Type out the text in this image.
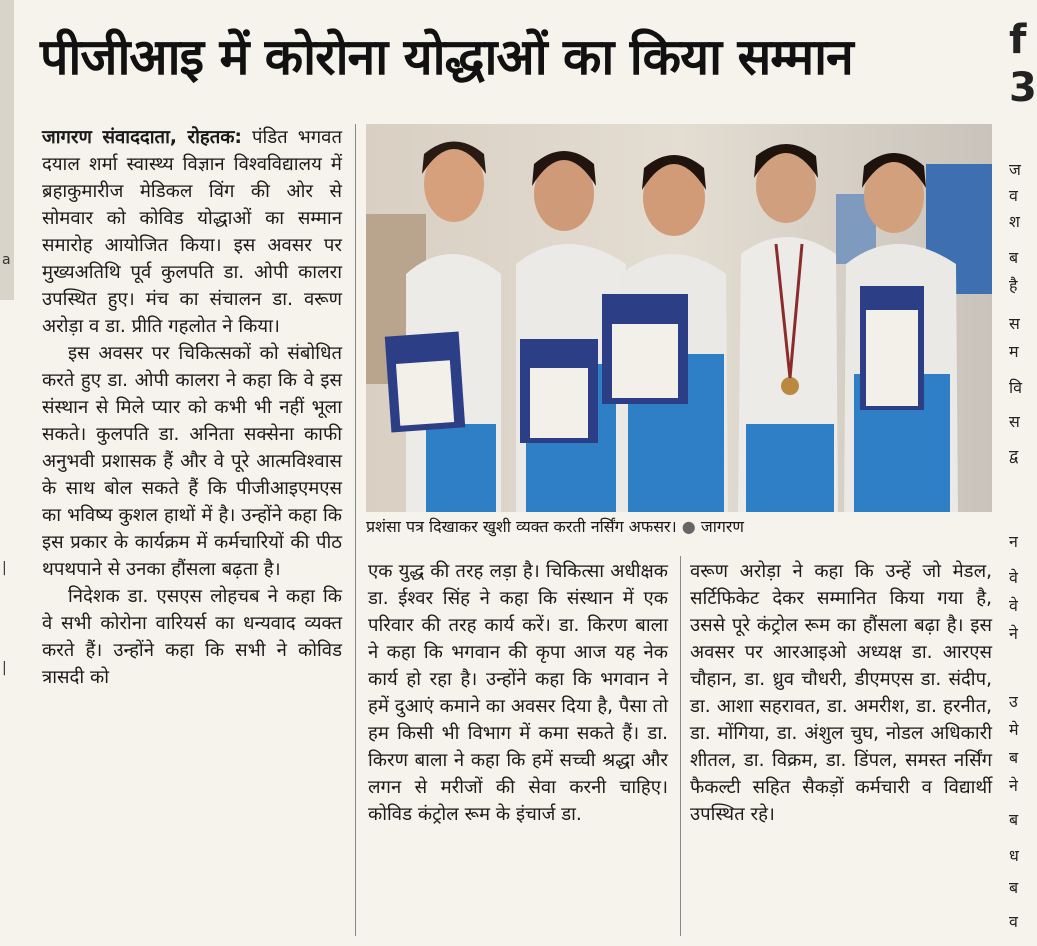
a
|
|
पीजीआइ में कोरोना योद्धाओं का किया सम्मान	f
3
ज
व
श
ब
है
स
म
वि
स
द्व
न
वे
वे
ने
उ
मे
ब
ने
ब
ध
ब
व

जागरण संवाददाता, रोहतक: पंडित भगवत दयाल शर्मा स्वास्थ्य विज्ञान विश्वविद्यालय में ब्रहाकुमारीज मेडिकल विंग की ओर से सोमवार को कोविड योद्धाओं का सम्मान समारोह आयोजित किया। इस अवसर पर मुख्यअतिथि पूर्व कुलपति डा. ओपी कालरा उपस्थित हुए। मंच का संचालन डा. वरूण अरोड़ा व डा. प्रीति गहलोत ने किया।

इस अवसर पर चिकित्सकों को संबोधित करते हुए डा. ओपी कालरा ने कहा कि वे इस संस्थान से मिले प्यार को कभी भी नहीं भूला सकते। कुलपति डा. अनिता सक्सेना काफी अनुभवी प्रशासक हैं और वे पूरे आत्मविश्वास के साथ बोल सकते हैं कि पीजीआइएमएस का भविष्य कुशल हाथों में है। उन्होंने कहा कि इस प्रकार के कार्यक्रम में कर्मचारियों की पीठ थपथपाने से उनका हौंसला बढ़ता है।

निदेशक डा. एसएस लोहचब ने कहा कि वे सभी कोरोना वारियर्स का धन्यवाद व्यक्त करते हैं। उन्होंने कहा कि सभी ने कोविड त्रासदी को

प्रशंसा पत्र दिखाकर खुशी व्यक्त करती नर्सिंग अफसर। ● जागरण

एक युद्ध की तरह लड़ा है। चिकित्सा अधीक्षक डा. ईश्वर सिंह ने कहा कि संस्थान में एक परिवार की तरह कार्य करें। डा. किरण बाला ने कहा कि भगवान की कृपा आज यह नेक कार्य हो रहा है। उन्होंने कहा कि भगवान ने हमें दुआएं कमाने का अवसर दिया है, पैसा तो हम किसी भी विभाग में कमा सकते हैं। डा. किरण बाला ने कहा कि हमें सच्ची श्रद्धा और लगन से मरीजों की सेवा करनी चाहिए। कोविड कंट्रोल रूम के इंचार्ज डा.

वरूण अरोड़ा ने कहा कि उन्हें जो मेडल, सर्टिफिकेट देकर सम्मानित किया गया है, उससे पूरे कंट्रोल रूम का हौंसला बढ़ा है। इस अवसर पर आरआइओ अध्यक्ष डा. आरएस चौहान, डा. ध्रुव चौधरी, डीएमएस डा. संदीप, डा. आशा सहरावत, डा. अमरीश, डा. हरनीत, डा. मोंगिया, डा. अंशुल चुघ, नोडल अधिकारी शीतल, डा. विक्रम, डा. डिंपल, समस्त नर्सिंग फैकल्टी सहित सैकड़ों कर्मचारी व विद्यार्थी उपस्थित रहे।
